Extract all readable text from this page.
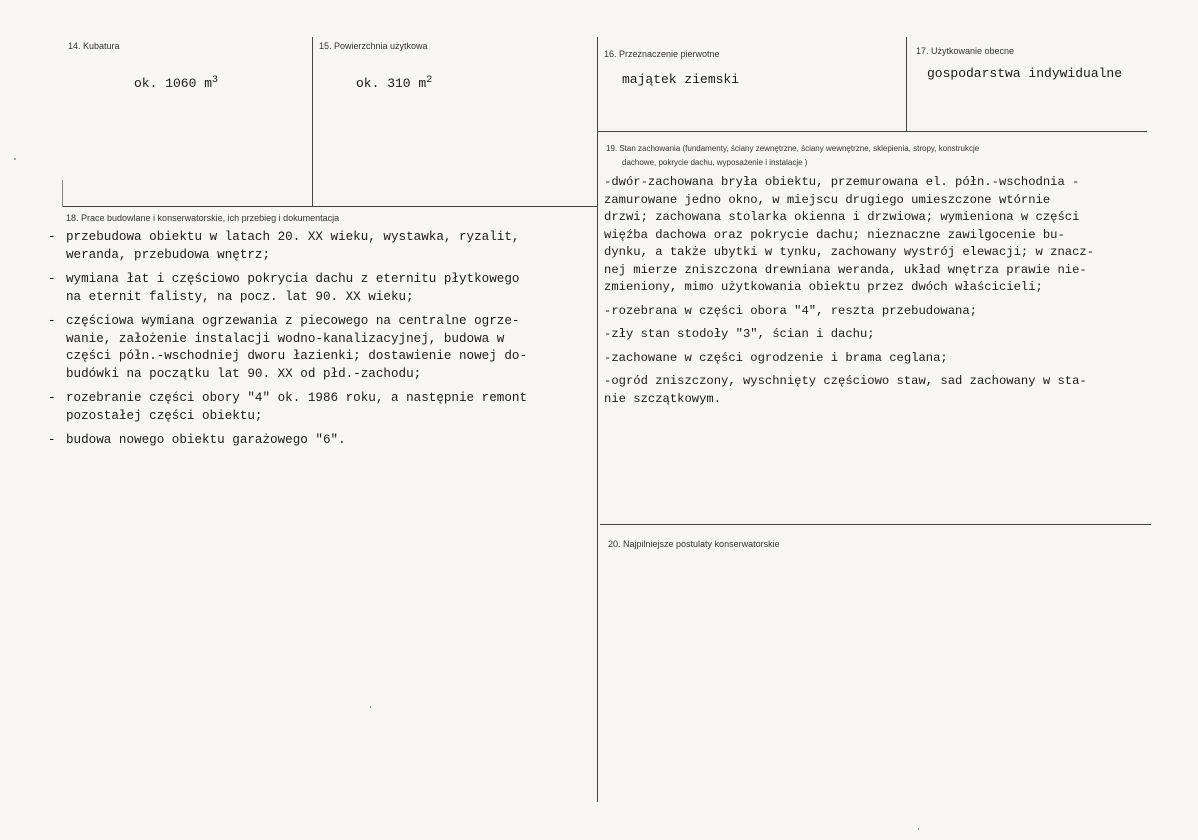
14. Kubatura
ok. 1060 $m^3$
15. Powierzchnia użytkowa
ok. 310 $m^2$
16. Przeznaczenie pierwotne
majątek ziemski
17. Użytkowanie obecne
gospodarstwa indywidualne
18. Prace budowlane i konserwatorskie, ich przebieg i dokumentacja
- przebudowa obiektu w latach 20. XX wieku, wystawka, ryzalit,
weranda, przebudowa wnętrz;
- wymiana łat i częściowo pokrycia dachu z eternitu płytkowego
na eternit falisty, na pocz. lat 90. XX wieku;
- częściowa wymiana ogrzewania z piecowego na centralne ogrze-
wanie, założenie instalacji wodno-kanalizacyjnej, budowa w
części półn.-wschodniej dworu łazienki; dostawienie nowej do-
budówki na początku lat 90. XX od płd.-zachodu;
- rozebranie części obory "4" ok. 1986 roku, a następnie remont
pozostałej części obiektu;
- budowa nowego obiektu garażowego "6".
19. Stan zachowania (fundamenty, ściany zewnętrzne, ściany wewnętrzne, sklepienia, stropy, konstrukcje
dachowe, pokrycie dachu, wyposażenie i instalacje )
-dwór-zachowana bryła obiektu, przemurowana el. półn.-wschodnia -
zamurowane jedno okno, w miejscu drugiego umieszczone wtórnie
drzwi; zachowana stolarka okienna i drzwiowa; wymieniona w części
więźba dachowa oraz pokrycie dachu; nieznaczne zawilgocenie bu-
dynku, a także ubytki w tynku, zachowany wystrój elewacji; w znacz-
nej mierze zniszczona drewniana weranda, układ wnętrza prawie nie-
zmieniony, mimo użytkowania obiektu przez dwóch właścicieli;
-rozebrana w części obora "4", reszta przebudowana;
-zły stan stodoły "3", ścian i dachu;
-zachowane w części ogrodzenie i brama ceglana;
-ogród zniszczony, wyschnięty częściowo staw, sad zachowany w sta-
nie szczątkowym.
20. Najpilniejsze postulaty konserwatorskie
